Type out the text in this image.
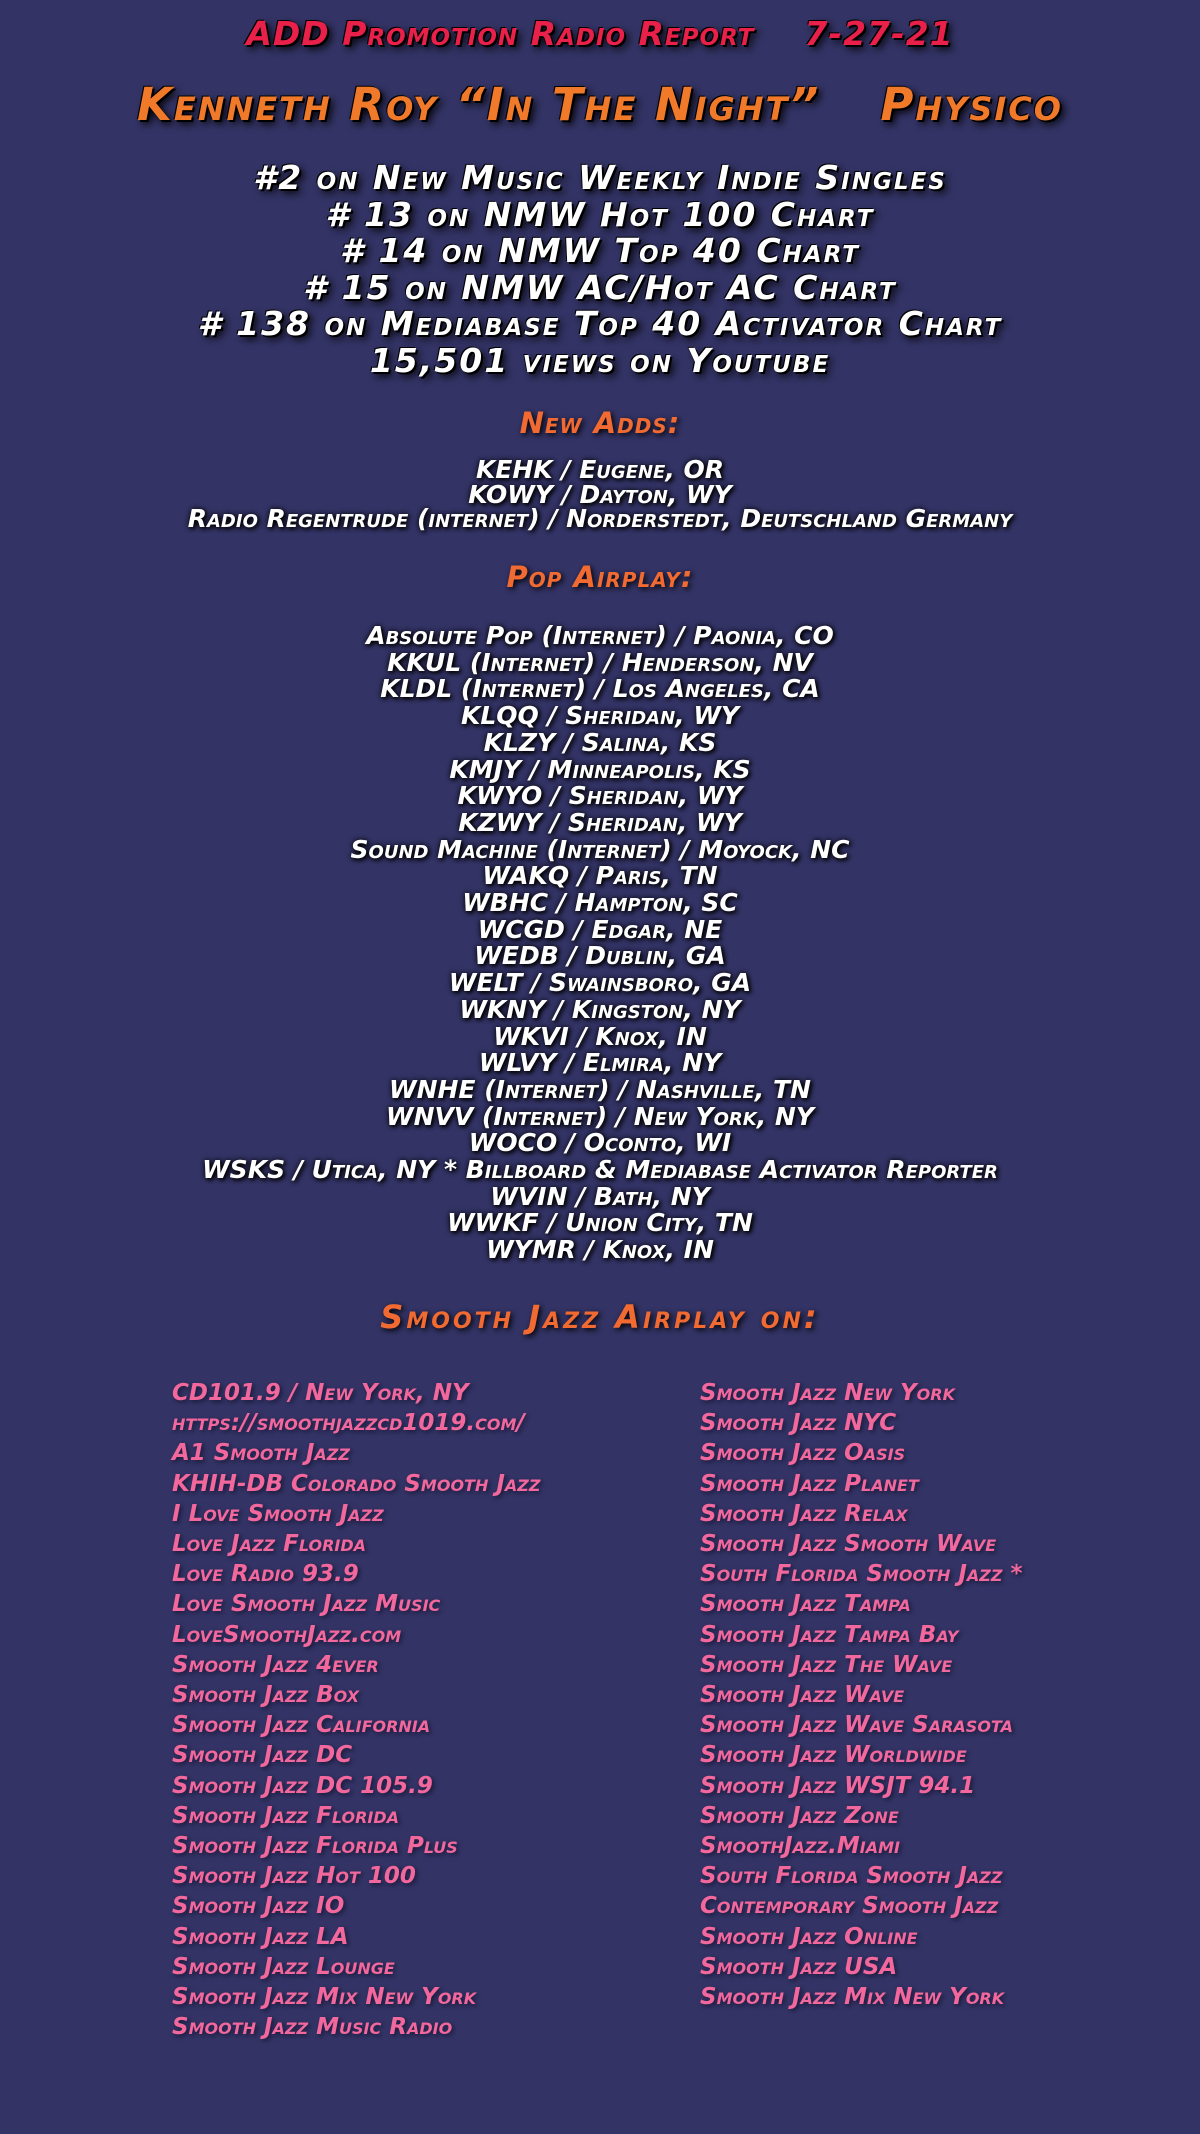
ADD Promotion Radio Report 7-27-21
Kenneth Roy “In The Night” Physico
#2 on New Music Weekly Indie Singles
# 13 on NMW Hot 100 Chart
# 14 on NMW Top 40 Chart
# 15 on NMW AC/Hot AC Chart
# 138 on Mediabase Top 40 Activator Chart
15,501 views on Youtube
New Adds:
KEHK / Eugene, OR
KOWY / Dayton, WY
Radio Regentrude (internet) / Norderstedt, Deutschland Germany
Pop Airplay:
Absolute Pop (Internet) / Paonia, CO
KKUL (Internet) / Henderson, NV
KLDL (Internet) / Los Angeles, CA
KLQQ / Sheridan, WY
KLZY / Salina, KS
KMJY / Minneapolis, KS
KWYO / Sheridan, WY
KZWY / Sheridan, WY
Sound Machine (Internet) / Moyock, NC
WAKQ / Paris, TN
WBHC / Hampton, SC
WCGD / Edgar, NE
WEDB / Dublin, GA
WELT / Swainsboro, GA
WKNY / Kingston, NY
WKVI / Knox, IN
WLVY / Elmira, NY
WNHE (Internet) / Nashville, TN
WNVV (Internet) / New York, NY
WOCO / Oconto, WI
WSKS / Utica, NY * Billboard & Mediabase Activator Reporter
WVIN / Bath, NY
WWKF / Union City, TN
WYMR / Knox, IN
Smooth Jazz Airplay on:
CD101.9 / New York, NY
https://smoothjazzcd1019.com/
A1 Smooth Jazz
KHIH-DB Colorado Smooth Jazz
I Love Smooth Jazz
Love Jazz Florida
Love Radio 93.9
Love Smooth Jazz Music
LoveSmoothJazz.com
Smooth Jazz 4ever
Smooth Jazz Box
Smooth Jazz California
Smooth Jazz DC
Smooth Jazz DC 105.9
Smooth Jazz Florida
Smooth Jazz Florida Plus
Smooth Jazz Hot 100
Smooth Jazz IO
Smooth Jazz LA
Smooth Jazz Lounge
Smooth Jazz Mix New York
Smooth Jazz Music Radio
Smooth Jazz New York
Smooth Jazz NYC
Smooth Jazz Oasis
Smooth Jazz Planet
Smooth Jazz Relax
Smooth Jazz Smooth Wave
South Florida Smooth Jazz *
Smooth Jazz Tampa
Smooth Jazz Tampa Bay
Smooth Jazz The Wave
Smooth Jazz Wave
Smooth Jazz Wave Sarasota
Smooth Jazz Worldwide
Smooth Jazz WSJT 94.1
Smooth Jazz Zone
SmoothJazz.Miami
South Florida Smooth Jazz
Contemporary Smooth Jazz
Smooth Jazz Online
Smooth Jazz USA
Smooth Jazz Mix New York
